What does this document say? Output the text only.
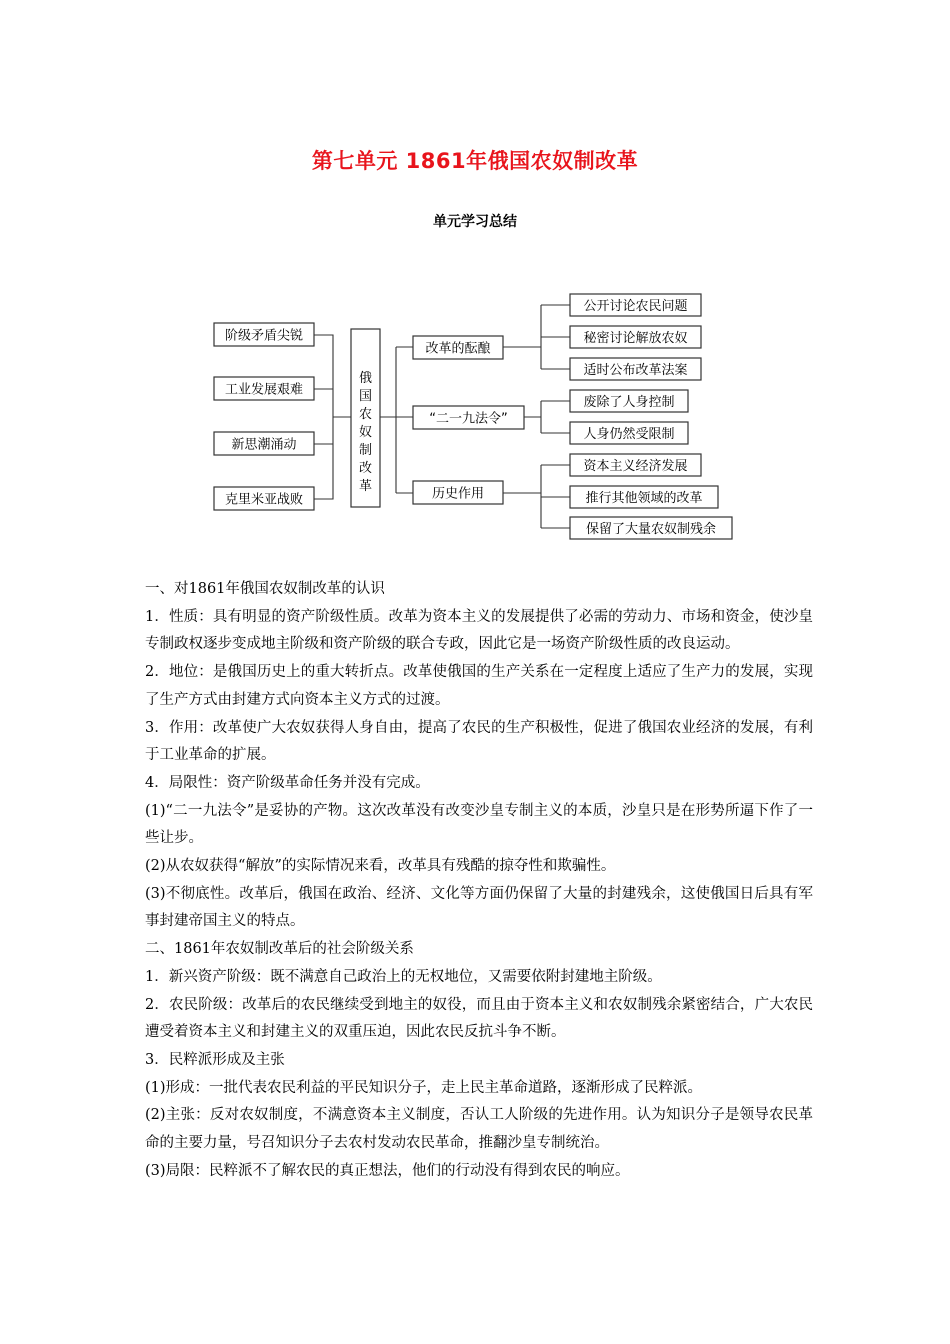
第七单元 1861年俄国农奴制改革
单元学习总结
阶级矛盾尖锐
工业发展艰难
新思潮涌动
克里米亚战败
俄
国
农
奴
制
改
革
改革的酝酿
“二一九法令”
历史作用
公开讨论农民问题
秘密讨论解放农奴
适时公布改革法案
废除了人身控制
人身仍然受限制
资本主义经济发展
推行其他领域的改革
保留了大量农奴制残余

一、对1861年俄国农奴制改革的认识

1．性质：具有明显的资产阶级性质。改革为资本主义的发展提供了必需的劳动力、市场和资金，使沙皇专制政权逐步变成地主阶级和资产阶级的联合专政，因此它是一场资产阶级性质的改良运动。

2．地位：是俄国历史上的重大转折点。改革使俄国的生产关系在一定程度上适应了生产力的发展，实现了生产方式由封建方式向资本主义方式的过渡。

3．作用：改革使广大农奴获得人身自由，提高了农民的生产积极性，促进了俄国农业经济的发展，有利于工业革命的扩展。

4．局限性：资产阶级革命任务并没有完成。

(1)“二一九法令”是妥协的产物。这次改革没有改变沙皇专制主义的本质，沙皇只是在形势所逼下作了一些让步。

(2)从农奴获得“解放”的实际情况来看，改革具有残酷的掠夺性和欺骗性。

(3)不彻底性。改革后，俄国在政治、经济、文化等方面仍保留了大量的封建残余，这使俄国日后具有军事封建帝国主义的特点。

二、1861年农奴制改革后的社会阶级关系

1．新兴资产阶级：既不满意自己政治上的无权地位，又需要依附封建地主阶级。

2．农民阶级：改革后的农民继续受到地主的奴役，而且由于资本主义和农奴制残余紧密结合，广大农民遭受着资本主义和封建主义的双重压迫，因此农民反抗斗争不断。

3．民粹派形成及主张

(1)形成：一批代表农民利益的平民知识分子，走上民主革命道路，逐渐形成了民粹派。

(2)主张：反对农奴制度，不满意资本主义制度，否认工人阶级的先进作用。认为知识分子是领导农民革命的主要力量，号召知识分子去农村发动农民革命，推翻沙皇专制统治。

(3)局限：民粹派不了解农民的真正想法，他们的行动没有得到农民的响应。
